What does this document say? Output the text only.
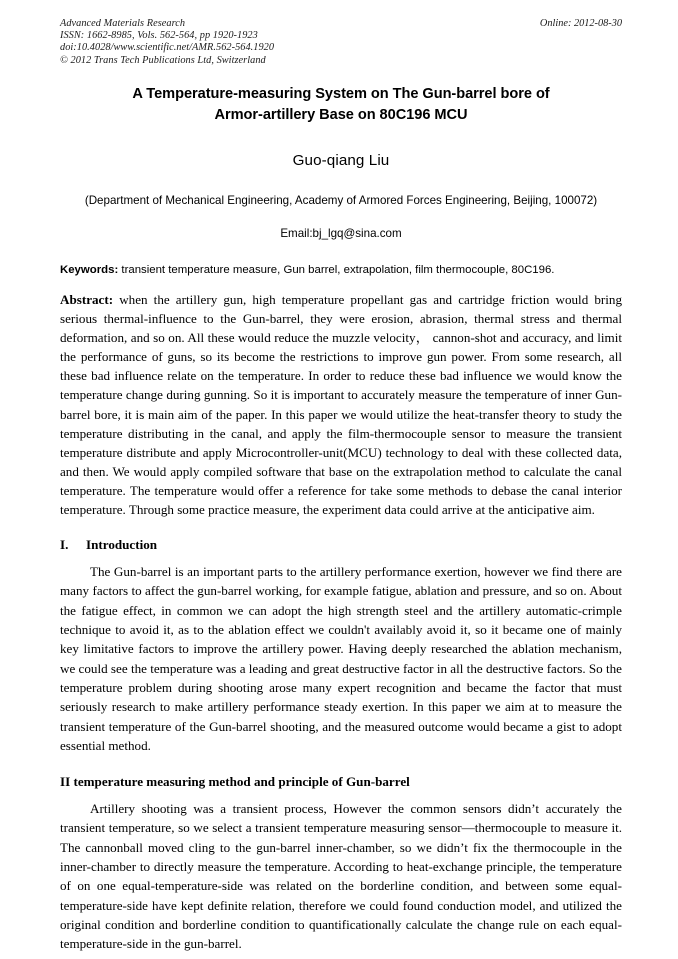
Advanced Materials Research
ISSN: 1662-8985, Vols. 562-564, pp 1920-1923
doi:10.4028/www.scientific.net/AMR.562-564.1920
© 2012 Trans Tech Publications Ltd, Switzerland
Online: 2012-08-30
A Temperature-measuring System on The Gun-barrel bore of
Armor-artillery Base on 80C196 MCU
Guo-qiang Liu
(Department of Mechanical Engineering, Academy of Armored Forces Engineering, Beijing, 100072)
Email:bj_lgq@sina.com
Keywords: transient temperature measure, Gun barrel, extrapolation, film thermocouple, 80C196.
Abstract: when the artillery gun, high temperature propellant gas and cartridge friction would bring serious thermal-influence to the Gun-barrel, they were erosion, abrasion, thermal stress and thermal deformation, and so on. All these would reduce the muzzle velocity， cannon-shot and accuracy, and limit the performance of guns, so its become the restrictions to improve gun power. From some research, all these bad influence relate on the temperature. In order to reduce these bad influence we would know the temperature change during gunning. So it is important to accurately measure the temperature of inner Gun-barrel bore, it is main aim of the paper. In this paper we would utilize the heat-transfer theory to study the temperature distributing in the canal, and apply the film-thermocouple sensor to measure the transient temperature distribute and apply Microcontroller-unit(MCU) technology to deal with these collected data, and then. We would apply compiled software that base on the extrapolation method to calculate the canal temperature. The temperature would offer a reference for take some methods to debase the canal interior temperature. Through some practice measure, the experiment data could arrive at the anticipative aim.
I. Introduction
The Gun-barrel is an important parts to the artillery performance exertion, however we find there are many factors to affect the gun-barrel working, for example fatigue, ablation and pressure, and so on. About the fatigue effect, in common we can adopt the high strength steel and the artillery automatic-crimple technique to avoid it, as to the ablation effect we couldn't availably avoid it, so it became one of mainly key limitative factors to improve the artillery power. Having deeply researched the ablation mechanism, we could see the temperature was a leading and great destructive factor in all the destructive factors. So the temperature problem during shooting arose many expert recognition and became the factor that must seriously research to make artillery performance steady exertion. In this paper we aim at to measure the transient temperature of the Gun-barrel shooting, and the measured outcome would became a gist to adopt essential method.
II temperature measuring method and principle of Gun-barrel
Artillery shooting was a transient process, However the common sensors didn’t accurately the transient temperature, so we select a transient temperature measuring sensor—thermocouple to measure it. The cannonball moved cling to the gun-barrel inner-chamber, so we didn’t fix the thermocouple in the inner-chamber to directly measure the temperature. According to heat-exchange principle, the temperature of on one equal-temperature-side was related on the borderline condition, and between some equal-temperature-side have kept definite relation, therefore we could found conduction model, and utilized the original condition and borderline condition to quantificationally calculate the change rule on each equal-temperature-side in the gun-barrel.
